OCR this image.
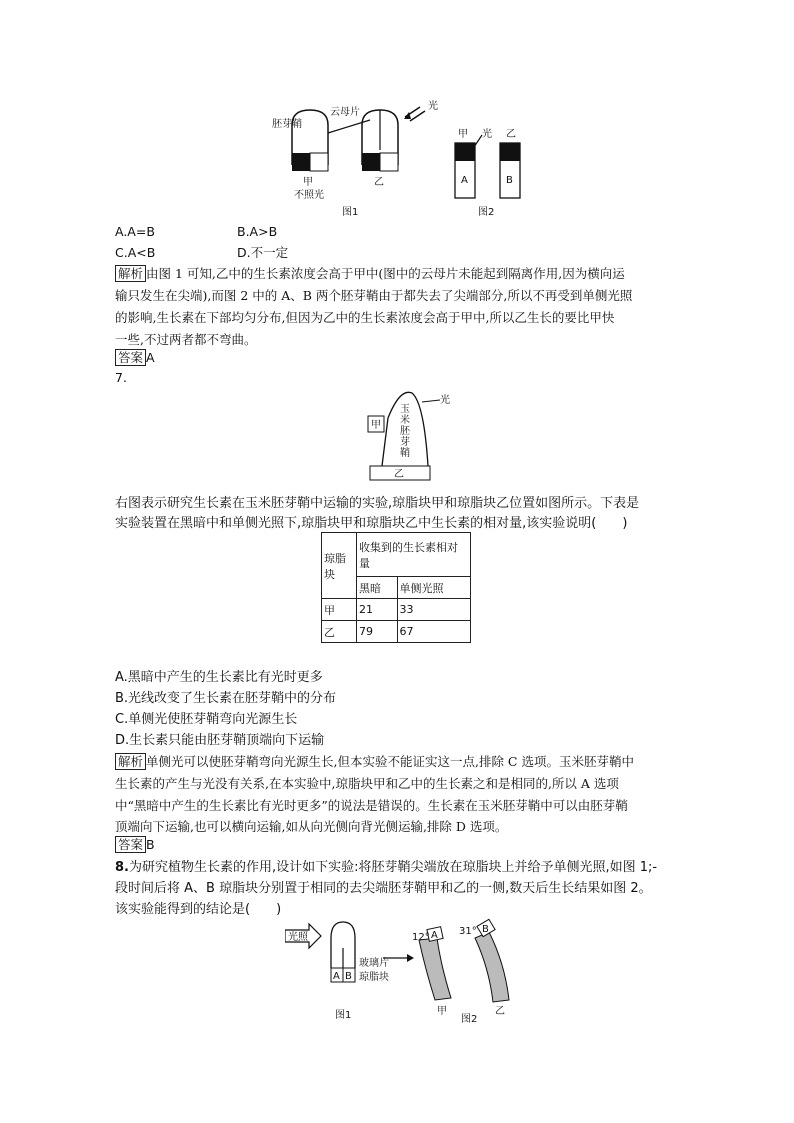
胚芽鞘
云母片
光
甲
不照光
乙
图1
A	B
甲 光 乙
图2
A.A=B	B.A>B
C.A<B	D.不一定
解析 由图 1 可知,乙中的生长素浓度会高于甲中(图中的云母片未能起到隔离作用,因为横向运
输只发生在尖端),而图 2 中的 A、B 两个胚芽鞘由于都失去了尖端部分,所以不再受到单侧光照
的影响,生长素在下部均匀分布,但因为乙中的生长素浓度会高于甲中,所以乙生长的要比甲快
一些,不过两者都不弯曲。
答案 A
7.
光
甲
乙
玉
米
胚
芽
鞘
右图表示研究生长素在玉米胚芽鞘中运输的实验,琼脂块甲和琼脂块乙位置如图所示。下表是
实验装置在黑暗中和单侧光照下,琼脂块甲和琼脂块乙中生长素的相对量,该实验说明(　　)
琼脂块	收集到的生长素相对量	
	黑暗	单侧光照
甲	21	33
乙	79	67
A.黑暗中产生的生长素比有光时更多
B.光线改变了生长素在胚芽鞘中的分布
C.单侧光使胚芽鞘弯向光源生长
D.生长素只能由胚芽鞘顶端向下运输
解析 单侧光可以使胚芽鞘弯向光源生长,但本实验不能证实这一点,排除 C 选项。玉米胚芽鞘中
生长素的产生与光没有关系,在本实验中,琼脂块甲和乙中的生长素之和是相同的,所以 A 选项
中“黑暗中产生的生长素比有光时更多”的说法是错误的。生长素在玉米胚芽鞘中可以由胚芽鞘
顶端向下运输,也可以横向运输,如从向光侧向背光侧运输,排除 D 选项。
答案 B
8.为研究植物生长素的作用,设计如下实验:将胚芽鞘尖端放在琼脂块上并给予单侧光照,如图 1;-
段时间后将 A、B 琼脂块分别置于相同的去尖端胚芽鞘甲和乙的一侧,数天后生长结果如图 2。
该实验能得到的结论是(　　)
光照
A B
玻璃片
琼脂块
图1
A
12°
甲
B
31°
乙
图2
